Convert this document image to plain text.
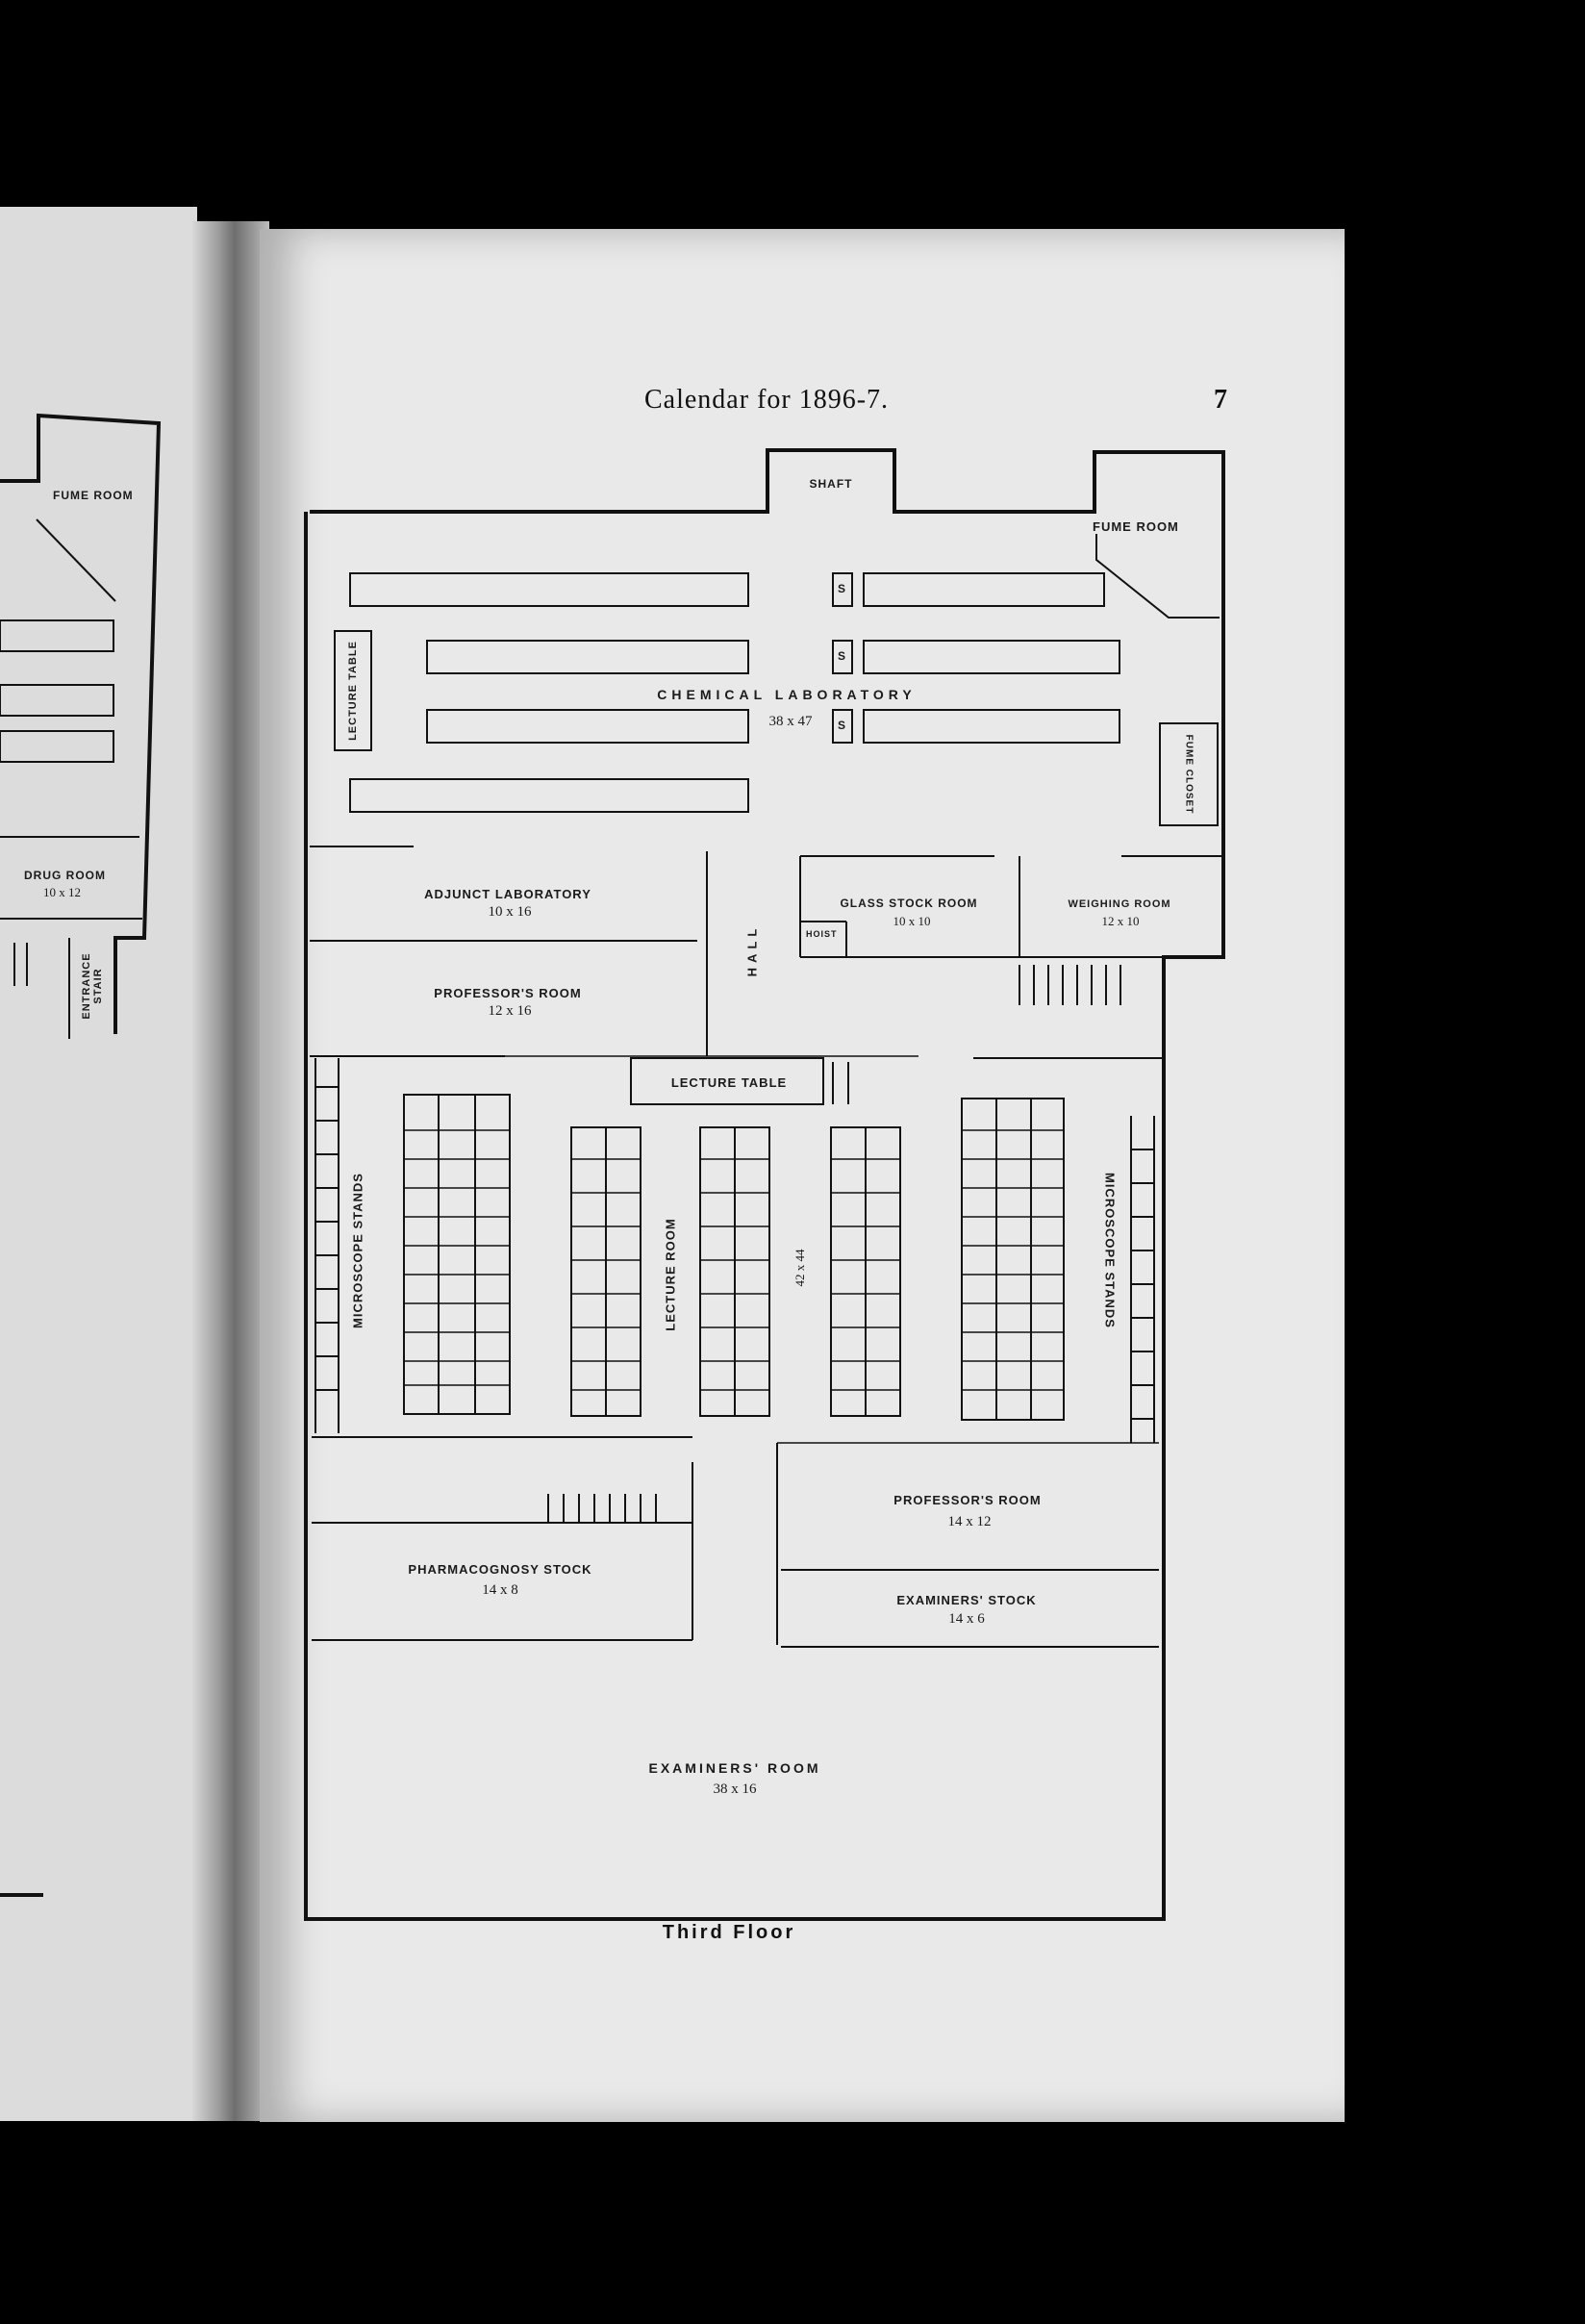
Calendar for 1896-7.	7
FUME ROOM
DRUG ROOM
10 x 12
ENTRANCE STAIR
SHAFT
FUME ROOM
LECTURE TABLE	CHEMICAL LABORATORY
38 x 47
FUME CLOSET
S
S
S
ADJUNCT LABORATORY
10 x 16
GLASS STOCK ROOM
10 x 10
HOIST
WEIGHING ROOM
12 x 10
HALL
PROFESSOR'S ROOM
12 x 16
LECTURE TABLE
MICROSCOPE STANDS	MICROSCOPE STANDS
LECTURE ROOM	42 x 44
PROFESSOR'S ROOM
14 x 12
PHARMACOGNOSY STOCK
14 x 8
EXAMINERS' STOCK
14 x 6
EXAMINERS' ROOM
38 x 16
Third Floor
